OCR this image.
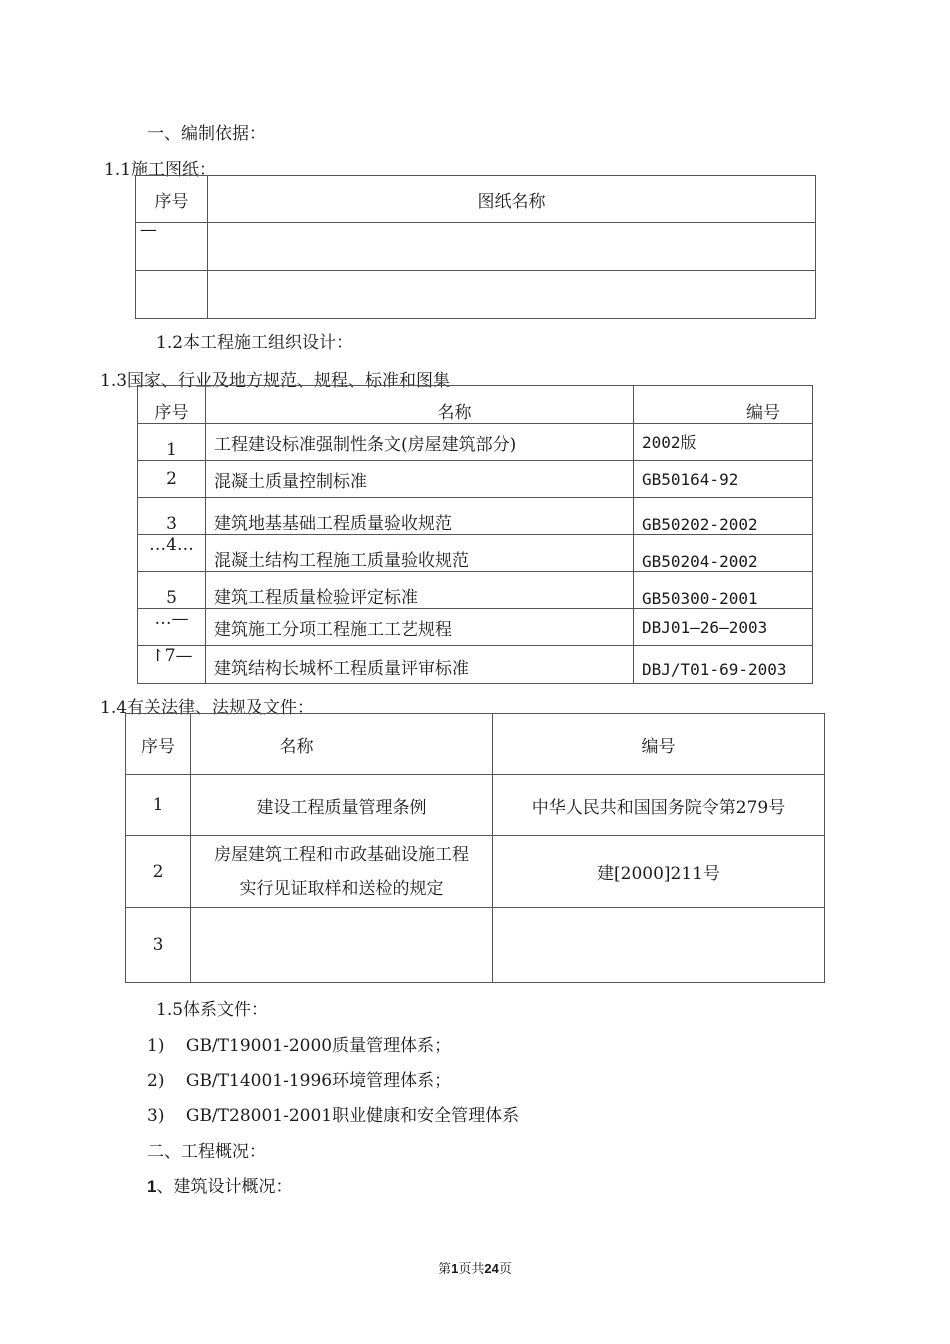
一、编制依据：
1.1施工图纸：
序号	图纸名称
—	

1.2本工程施工组织设计：
1.3国家、行业及地方规范、规程、标准和图集
序号	名称	编号
1	工程建设标准强制性条文(房屋建筑部分)	2002版
2	混凝土质量控制标准	GB50164-92
3	建筑地基基础工程质量验收规范	GB50202-2002
…4…	混凝土结构工程施工质量验收规范	GB50204-2002
5	建筑工程质量检验评定标准	GB50300-2001
…—	建筑施工分项工程施工工艺规程	DBJ01—26—2003
↾7—	建筑结构长城杯工程质量评审标准	DBJ/T01-69-2003
1.4有关法律、法规及文件：
序号	名称	编号
1	建设工程质量管理条例	中华人民共和国国务院令第279号
2	房屋建筑工程和市政基础设施工程
实行见证取样和送检的规定	建[2000]211号
3		
1.5体系文件：
1) GB/T19001-2000质量管理体系；
2) GB/T14001-1996环境管理体系；
3) GB/T28001-2001职业健康和安全管理体系
二、工程概况：
1、建筑设计概况：
第1页共24页
